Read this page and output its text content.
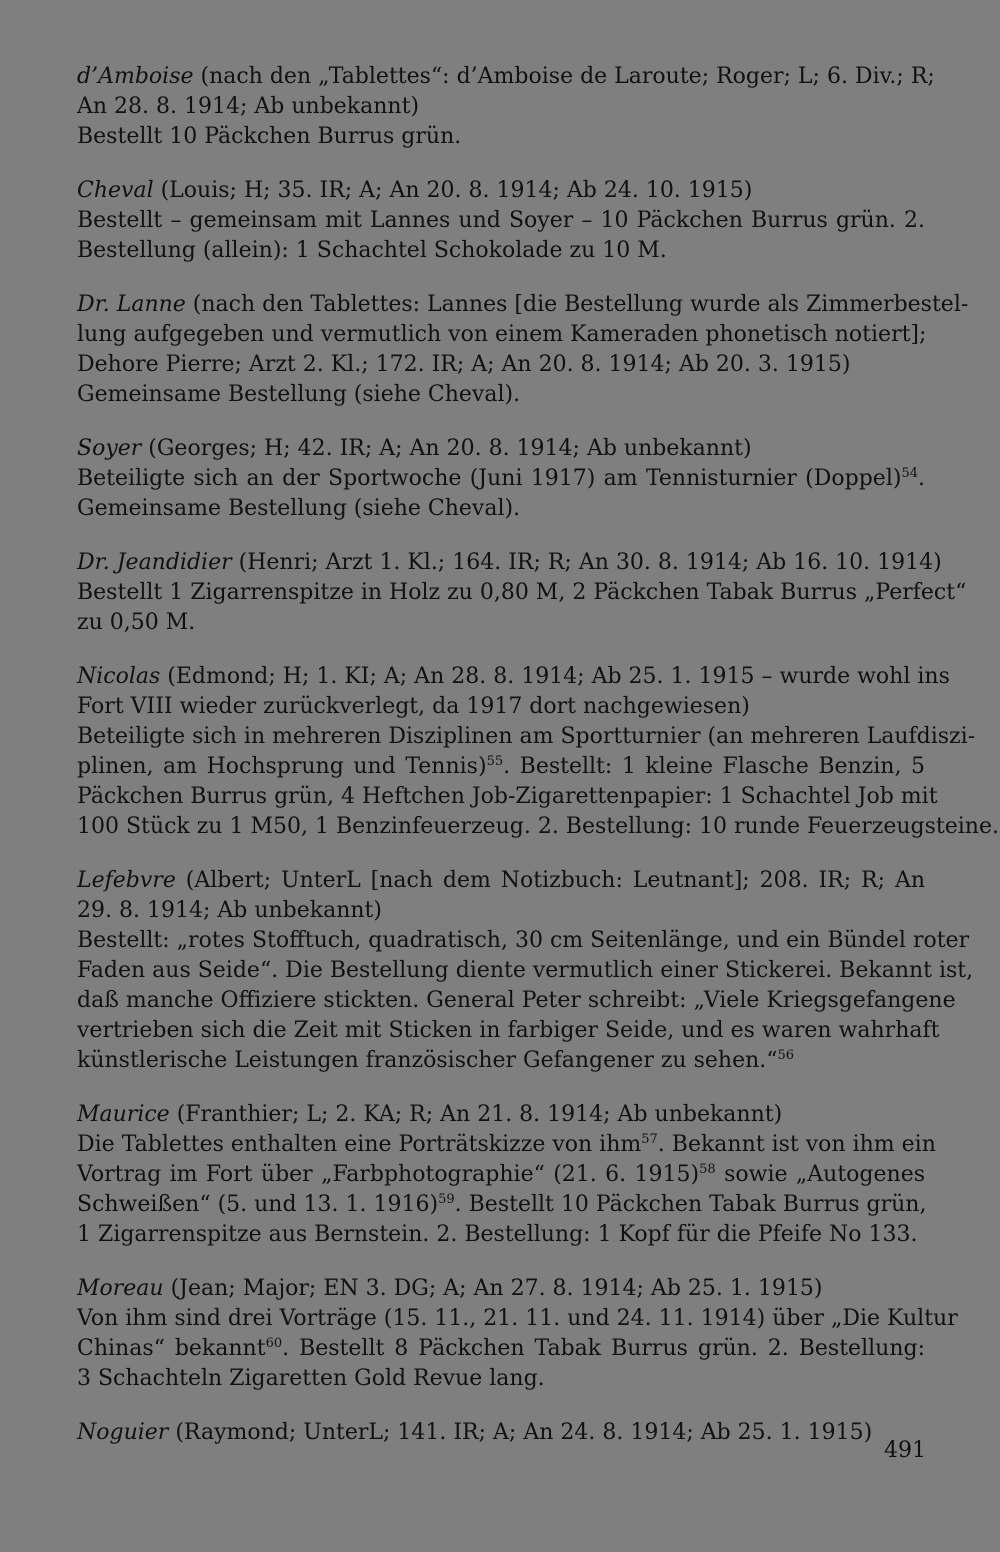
d’Amboise (nach den „Tablettes“: d’Amboise de Laroute; Roger; L; 6. Div.; R;
An 28. 8. 1914; Ab unbekannt)
Bestellt 10 Päckchen Burrus grün.
Cheval (Louis; H; 35. IR; A; An 20. 8. 1914; Ab 24. 10. 1915)
Bestellt – gemeinsam mit Lannes und Soyer – 10 Päckchen Burrus grün. 2.
Bestellung (allein): 1 Schachtel Schokolade zu 10 M.
Dr. Lanne (nach den Tablettes: Lannes [die Bestellung wurde als Zimmerbestel-
lung aufgegeben und vermutlich von einem Kameraden phonetisch notiert];
Dehore Pierre; Arzt 2. Kl.; 172. IR; A; An 20. 8. 1914; Ab 20. 3. 1915)
Gemeinsame Bestellung (siehe Cheval).
Soyer (Georges; H; 42. IR; A; An 20. 8. 1914; Ab unbekannt)
Beteiligte sich an der Sportwoche (Juni 1917) am Tennisturnier (Doppel)$^{54}$.
Gemeinsame Bestellung (siehe Cheval).
Dr. Jeandidier (Henri; Arzt 1. Kl.; 164. IR; R; An 30. 8. 1914; Ab 16. 10. 1914)
Bestellt 1 Zigarrenspitze in Holz zu 0,80 M, 2 Päckchen Tabak Burrus „Perfect“
zu 0,50 M.
Nicolas (Edmond; H; 1. KI; A; An 28. 8. 1914; Ab 25. 1. 1915 – wurde wohl ins
Fort VIII wieder zurückverlegt, da 1917 dort nachgewiesen)
Beteiligte sich in mehreren Disziplinen am Sportturnier (an mehreren Laufdiszi-
plinen, am Hochsprung und Tennis)$^{55}$. Bestellt: 1 kleine Flasche Benzin, 5
Päckchen Burrus grün, 4 Heftchen Job-Zigarettenpapier: 1 Schachtel Job mit
100 Stück zu 1 M50, 1 Benzinfeuerzeug. 2. Bestellung: 10 runde Feuerzeugsteine.
Lefebvre (Albert; UnterL [nach dem Notizbuch: Leutnant]; 208. IR; R; An
29. 8. 1914; Ab unbekannt)
Bestellt: „rotes Stofftuch, quadratisch, 30 cm Seitenlänge, und ein Bündel roter
Faden aus Seide“. Die Bestellung diente vermutlich einer Stickerei. Bekannt ist,
daß manche Offiziere stickten. General Peter schreibt: „Viele Kriegsgefangene
vertrieben sich die Zeit mit Sticken in farbiger Seide, und es waren wahrhaft
künstlerische Leistungen französischer Gefangener zu sehen.“$^{56}$
Maurice (Franthier; L; 2. KA; R; An 21. 8. 1914; Ab unbekannt)
Die Tablettes enthalten eine Porträtskizze von ihm$^{57}$. Bekannt ist von ihm ein
Vortrag im Fort über „Farbphotographie“ (21. 6. 1915)$^{58}$ sowie „Autogenes
Schweißen“ (5. und 13. 1. 1916)$^{59}$. Bestellt 10 Päckchen Tabak Burrus grün,
1 Zigarrenspitze aus Bernstein. 2. Bestellung: 1 Kopf für die Pfeife No 133.
Moreau (Jean; Major; EN 3. DG; A; An 27. 8. 1914; Ab 25. 1. 1915)
Von ihm sind drei Vorträge (15. 11., 21. 11. und 24. 11. 1914) über „Die Kultur
Chinas“ bekannt$^{60}$. Bestellt 8 Päckchen Tabak Burrus grün. 2. Bestellung:
3 Schachteln Zigaretten Gold Revue lang.
Noguier (Raymond; UnterL; 141. IR; A; An 24. 8. 1914; Ab 25. 1. 1915)
491
